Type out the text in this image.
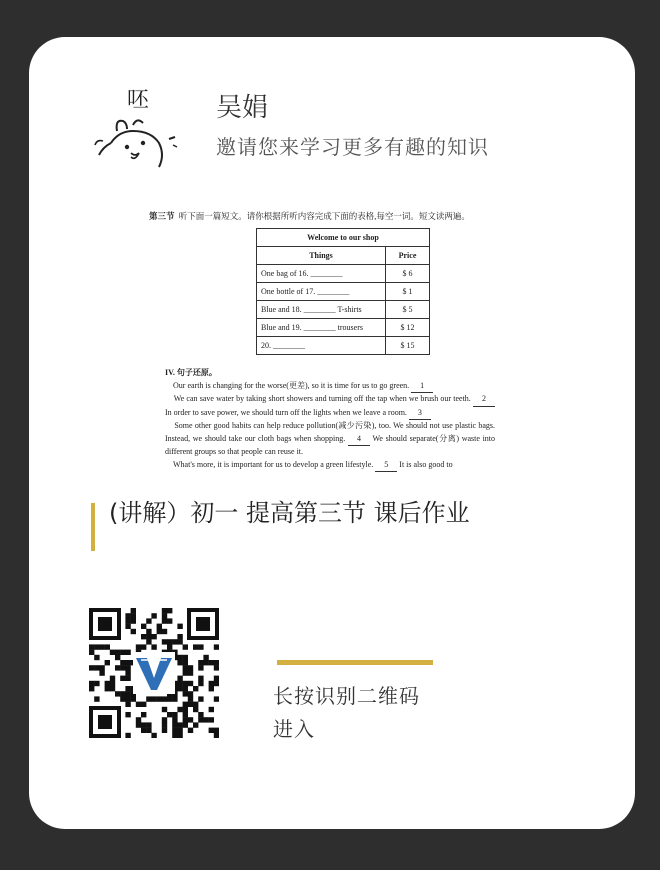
呸	吴娟
邀请您来学习更多有趣的知识
第三节 听下面一篇短文。请你根据所听内容完成下面的表格,每空一词。短文读两遍。
Welcome to our shop	
Things	Price
One bag of 16. ________	$ 6
One bottle of 17. ________	$ 1
Blue and 18. ________ T-shirts	$ 5
Blue and 19. ________ trousers	$ 12
20. ________	$ 15
IV. 句子还原。
Our earth is changing for the worse(更差), so it is time for us to go green. 1
We can save water by taking short showers and turning off the tap when we brush our teeth. 2 In order to save power, we should turn off the lights when we leave a room. 3
Some other good habits can help reduce pollution(减少污染), too. We should not use plastic bags. Instead, we should take our cloth bags when shopping. 4 We should separate(分离) waste into different groups so that people can reuse it.
What's more, it is important for us to develop a green lifestyle. 5 It is also good to
(讲解）初一 提高第三节 课后作业
长按识别二维码
进入
